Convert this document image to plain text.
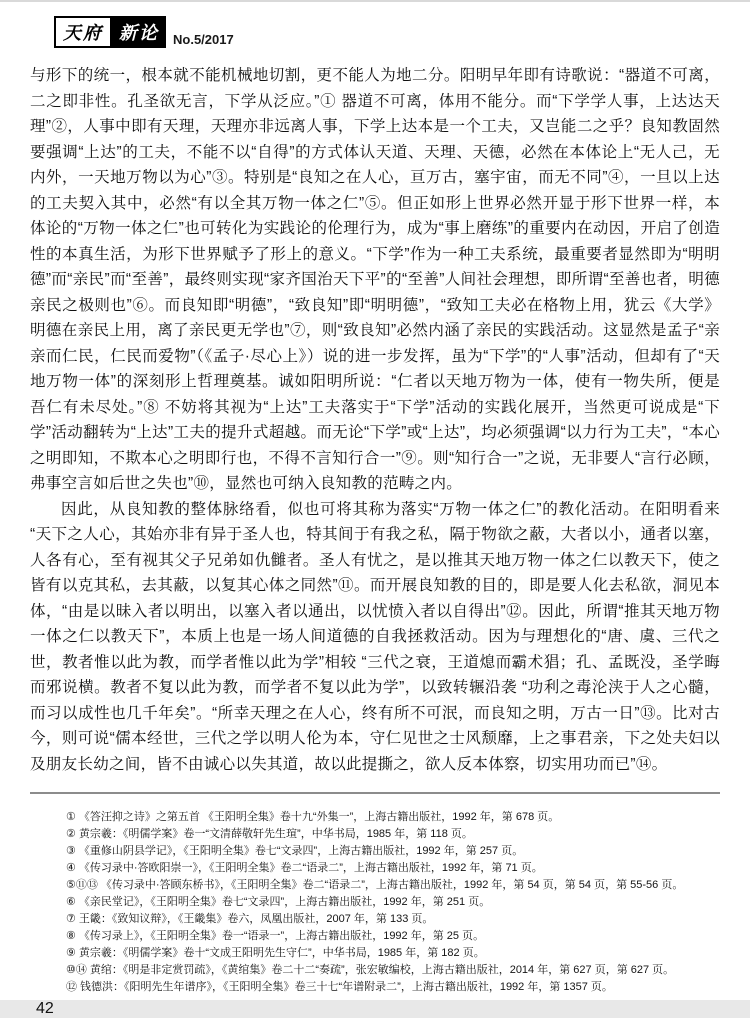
天府 新论	No.5/2017

与形下的统一，根本就不能机械地切割，更不能人为地二分。阳明早年即有诗歌说：“器道不可离，二之即非性。孔圣欲无言，下学从泛应。”① 器道不可离，体用不能分。而“下学学人事，上达达天理”②，人事中即有天理，天理亦非远离人事，下学上达本是一个工夫，又岂能二之乎？良知教固然要强调“上达”的工夫，不能不以“自得”的方式体认天道、天理、天德，必然在本体论上“无人己，无内外，一天地万物以为心”③。特别是“良知之在人心，亘万古，塞宇宙，而无不同”④，一旦以上达的工夫契入其中，必然“有以全其万物一体之仁”⑤。但正如形上世界必然开显于形下世界一样，本体论的“万物一体之仁”也可转化为实践论的伦理行为，成为“事上磨练”的重要内在动因，开启了创造性的本真生活，为形下世界赋予了形上的意义。“下学”作为一种工夫系统，最重要者显然即为“明明德”而“亲民”而“至善”，最终则实现“家齐国治天下平”的“至善”人间社会理想，即所谓“至善也者，明德亲民之极则也”⑥。而良知即“明德”，“致良知”即“明明德”，“致知工夫必在格物上用，犹云《大学》明德在亲民上用，离了亲民更无学也”⑦，则“致良知”必然内涵了亲民的实践活动。这显然是孟子“亲亲而仁民，仁民而爱物”（《孟子·尽心上》）说的进一步发挥，虽为“下学”的“人事”活动，但却有了“天地万物一体”的深刻形上哲理奠基。诚如阳明所说：“仁者以天地万物为一体，使有一物失所，便是吾仁有未尽处。”⑧ 不妨将其视为“上达”工夫落实于“下学”活动的实践化展开，当然更可说成是“下学”活动翻转为“上达”工夫的提升式超越。而无论“下学”或“上达”，均必须强调“以力行为工夫”，“本心之明即知，不欺本心之明即行也，不得不言知行合一”⑨。则“知行合一”之说，无非要人“言行必顾，弗事空言如后世之失也”⑩，显然也可纳入良知教的范畴之内。

因此，从良知教的整体脉络看，似也可将其称为落实“万物一体之仁”的教化活动。在阳明看来 “天下之人心，其始亦非有异于圣人也，特其间于有我之私，隔于物欲之蔽，大者以小，通者以塞，人各有心，至有视其父子兄弟如仇雠者。圣人有忧之，是以推其天地万物一体之仁以教天下，使之皆有以克其私，去其蔽，以复其心体之同然”⑪。而开展良知教的目的，即是要人化去私欲，洞见本体，“由是以昧入者以明出，以塞入者以通出，以忧愤入者以自得出”⑫。因此，所谓“推其天地万物一体之仁以教天下”，本质上也是一场人间道德的自我拯救活动。因为与理想化的“唐、虞、三代之世，教者惟以此为教，而学者惟以此为学”相较 “三代之衰，王道熄而霸术猖；孔、孟既没，圣学晦而邪说横。教者不复以此为教，而学者不复以此为学”，以致转辗沿袭 “功利之毒沦浃于人之心髓，而习以成性也几千年矣”。“所幸天理之在人心，终有所不可泯，而良知之明，万古一日”⑬。比对古今，则可说“儒本经世，三代之学以明人伦为本，守仁见世之士风颓靡，上之事君亲，下之处夫妇以及朋友长幼之间，皆不由诚心以失其道，故以此提撕之，欲人反本体察，切实用功而已”⑭。

① 《答汪抑之诗》之第五首 《王阳明全集》卷十九“外集一”，上海古籍出版社，1992 年，第 678 页。
② 黄宗羲：《明儒学案》卷一“文清薛敬轩先生瑄”，中华书局，1985 年，第 118 页。
③ 《重修山阴县学记》，《王阳明全集》卷七“文录四”，上海古籍出版社，1992 年，第 257 页。
④ 《传习录中·答欧阳崇一》，《王阳明全集》卷二“语录二”，上海古籍出版社，1992 年，第 71 页。
⑤⑪⑬ 《传习录中·答顾东桥书》，《王阳明全集》卷二“语录二”，上海古籍出版社，1992 年，第 54 页，第 54 页，第 55-56 页。
⑥ 《亲民堂记》，《王阳明全集》卷七“文录四”，上海古籍出版社，1992 年，第 251 页。
⑦ 王畿：《致知议辩》，《王畿集》卷六，凤凰出版社，2007 年，第 133 页。
⑧ 《传习录上》，《王阳明全集》卷一“语录一”，上海古籍出版社，1992 年，第 25 页。
⑨ 黄宗羲：《明儒学案》卷十“文成王阳明先生守仁”，中华书局，1985 年，第 182 页。
⑩⑭ 黄绾：《明是非定赏罚疏》，《黄绾集》卷二十二“奏疏”，张宏敏编校，上海古籍出版社，2014 年，第 627 页，第 627 页。
⑫ 钱德洪：《阳明先生年谱序》，《王阳明全集》卷三十七“年谱附录二”，上海古籍出版社，1992 年，第 1357 页。
42
